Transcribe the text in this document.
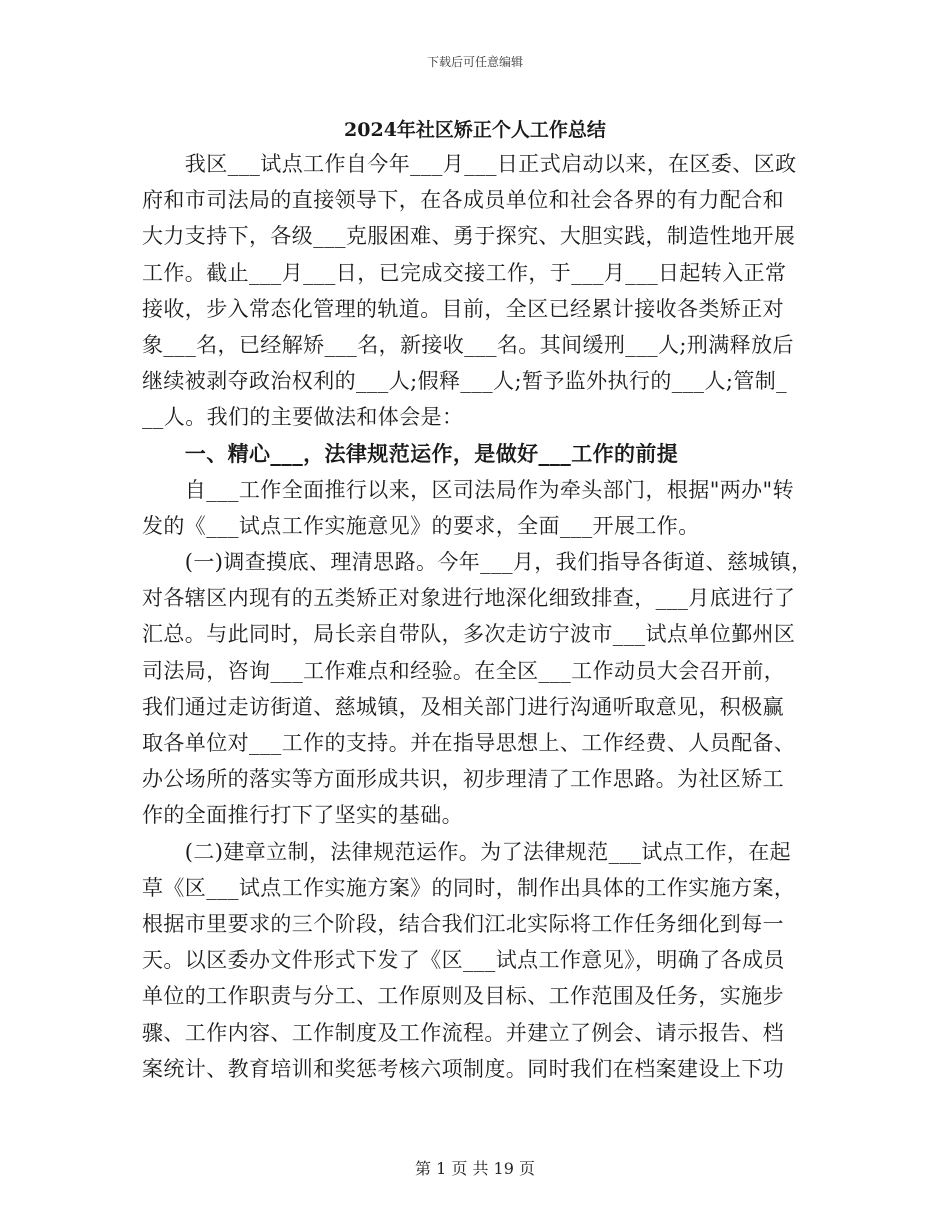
下载后可任意编辑
2024年社区矫正个人工作总结
　　我区___试点工作自今年___月___日正式启动以来，在区委、区政
府和市司法局的直接领导下，在各成员单位和社会各界的有力配合和
大力支持下，各级___克服困难、勇于探究、大胆实践，制造性地开展
工作。截止___月___日，已完成交接工作，于___月___日起转入正常
接收，步入常态化管理的轨道。目前，全区已经累计接收各类矫正对
象___名，已经解矫___名，新接收___名。其间缓刑___人;刑满释放后
继续被剥夺政治权利的___人;假释___人;暂予监外执行的___人;管制_
__人。我们的主要做法和体会是：
　　一、精心___，法律规范运作，是做好___工作的前提
　　自___工作全面推行以来，区司法局作为牵头部门，根据"两办"转
发的《___试点工作实施意见》的要求，全面___开展工作。
　　(一)调查摸底、理清思路。今年___月，我们指导各街道、慈城镇，
对各辖区内现有的五类矫正对象进行地深化细致排查，___月底进行了
汇总。与此同时，局长亲自带队，多次走访宁波市___试点单位鄞州区
司法局，咨询___工作难点和经验。在全区___工作动员大会召开前，
我们通过走访街道、慈城镇，及相关部门进行沟通听取意见，积极赢
取各单位对___工作的支持。并在指导思想上、工作经费、人员配备、
办公场所的落实等方面形成共识，初步理清了工作思路。为社区矫工
作的全面推行打下了坚实的基础。
　　(二)建章立制，法律规范运作。为了法律规范___试点工作，在起
草《区___试点工作实施方案》的同时，制作出具体的工作实施方案，
根据市里要求的三个阶段，结合我们江北实际将工作任务细化到每一
天。以区委办文件形式下发了《区___试点工作意见》，明确了各成员
单位的工作职责与分工、工作原则及目标、工作范围及任务，实施步
骤、工作内容、工作制度及工作流程。并建立了例会、请示报告、档
案统计、教育培训和奖惩考核六项制度。同时我们在档案建设上下功
第 1 页 共 19 页
